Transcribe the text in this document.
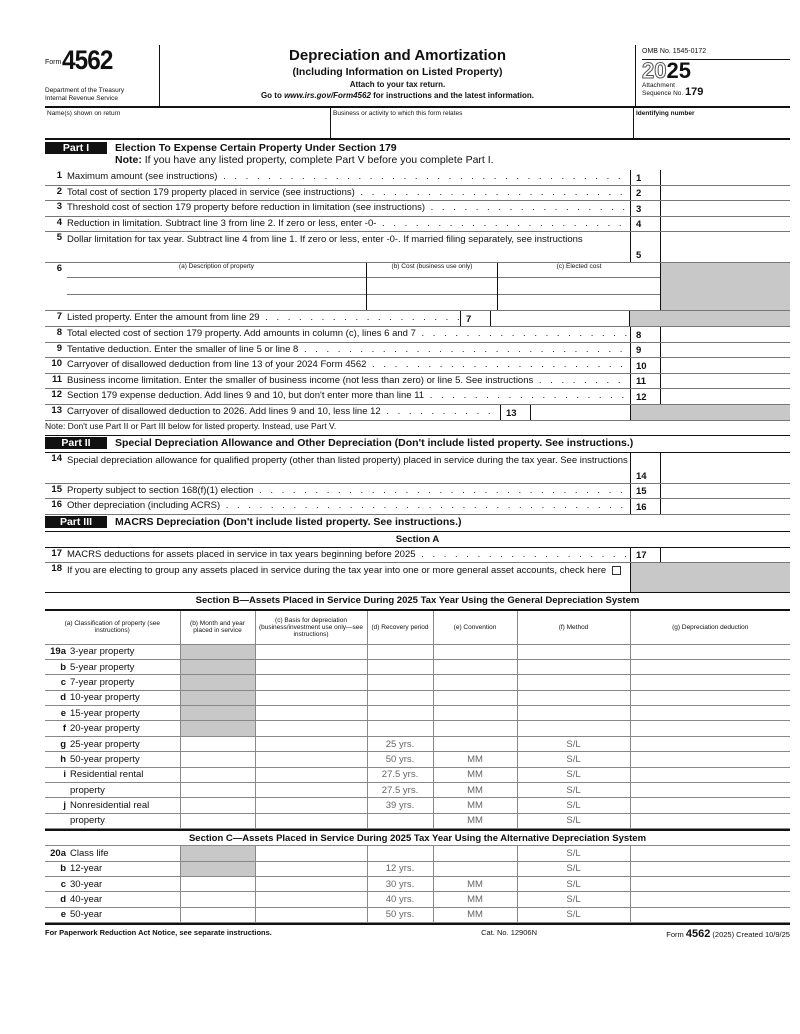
Form 4562
Department of the Treasury
Internal Revenue Service
Depreciation and Amortization
(Including Information on Listed Property)
Attach to your tax return.
Go to www.irs.gov/Form4562 for instructions and the latest information.
OMB No. 1545-0172
2025
Attachment
Sequence No. 179
Name(s) shown on return	Business or activity to which this form relates	Identifying number
Part I	Election To Expense Certain Property Under Section 179
Note: If you have any listed property, complete Part V before you complete Part I.
1 Maximum amount (see instructions) . . .	1
2 Total cost of section 179 property placed in service (see instructions) . . .	2
3 Threshold cost of section 179 property before reduction in limitation (see instructions) . . .	3
4 Reduction in limitation. Subtract line 3 from line 2. If zero or less, enter -0- . . .	4
5 Dollar limitation for tax year. Subtract line 4 from line 1. If zero or less, enter -0-. If married filing separately, see instructions
5
6	(a) Description of property	(b) Cost (business use only)	(c) Elected cost
7 Listed property. Enter the amount from line 29 . . .	7
8 Total elected cost of section 179 property. Add amounts in column (c), lines 6 and 7 . . .	8
9 Tentative deduction. Enter the smaller of line 5 or line 8 . . .	9
10 Carryover of disallowed deduction from line 13 of your 2024 Form 4562 . . .	10
11 Business income limitation. Enter the smaller of business income (not less than zero) or line 5. See instructions . . .	11
12 Section 179 expense deduction. Add lines 9 and 10, but don't enter more than line 11 . . .	12
13 Carryover of disallowed deduction to 2026. Add lines 9 and 10, less line 12 . . .	13
Note: Don't use Part II or Part III below for listed property. Instead, use Part V.
Part II	Special Depreciation Allowance and Other Depreciation (Don't include listed property. See instructions.)
14 Special depreciation allowance for qualified property (other than listed property) placed in service during the tax year. See instructions
14
15 Property subject to section 168(f)(1) election . . .	15
16 Other depreciation (including ACRS) . . .	16
Part III	MACRS Depreciation (Don't include listed property. See instructions.)
Section A
17 MACRS deductions for assets placed in service in tax years beginning before 2025 . . .	17
18 If you are electing to group any assets placed in service during the tax year into one or more general asset accounts, check here
Section B—Assets Placed in Service During 2025 Tax Year Using the General Depreciation System
(a) Classification of property (see instructions)	(b) Month and year placed in service	(c) Basis for depreciation (business/investment use only—see instructions)	(d) Recovery period	(e) Convention	(f) Method	(g) Depreciation deduction
19a 3-year property						
b 5-year property						
c 7-year property						
d 10-year property						
e 15-year property						
f 20-year property						
g 25-year property			25 yrs.		S/L	
h 50-year property			50 yrs.	MM	S/L	
i Residential rental			27.5 yrs.	MM	S/L	
property			27.5 yrs.	MM	S/L	
j Nonresidential real			39 yrs.	MM	S/L	
property				MM	S/L	
Section C—Assets Placed in Service During 2025 Tax Year Using the Alternative Depreciation System
20a Class life					S/L	
b 12-year			12 yrs.		S/L	
c 30-year			30 yrs.	MM	S/L	
d 40-year			40 yrs.	MM	S/L	
e 50-year			50 yrs.	MM	S/L	
For Paperwork Reduction Act Notice, see separate instructions.	Cat. No. 12906N	Form 4562 (2025) Created 10/9/25
